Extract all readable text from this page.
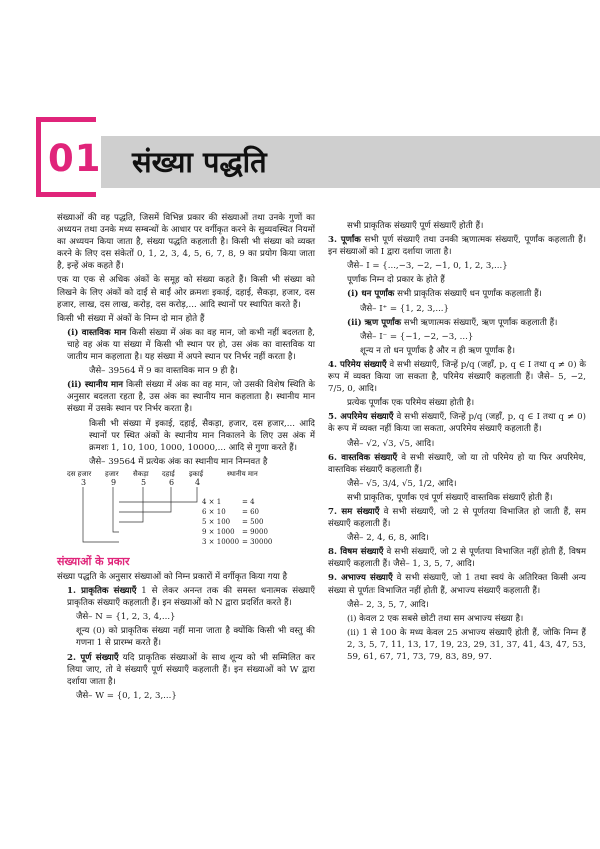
01 संख्या पद्धति

संख्याओं की वह पद्धति, जिसमें विभिन्न प्रकार की संख्याओं तथा उनके गुणों का अध्ययन तथा उनके मध्य सम्बन्धों के आधार पर वर्गीकृत करने के सुव्यवस्थित नियमों का अध्ययन किया जाता है, संख्या पद्धति कहलाती है। किसी भी संख्या को व्यक्त करने के लिए दस संकेतों 0, 1, 2, 3, 4, 5, 6, 7, 8, 9 का प्रयोग किया जाता है, इन्हें अंक कहते हैं।

एक या एक से अधिक अंकों के समूह को संख्या कहते हैं। किसी भी संख्या को लिखने के लिए अंकों को दाईं से बाईं ओर क्रमशः इकाई, दहाई, सैकड़ा, हजार, दस हजार, लाख, दस लाख, करोड़, दस करोड़,... आदि स्थानों पर स्थापित करते हैं।

किसी भी संख्या में अंकों के निम्न दो मान होते हैं

(i) वास्तविक मान किसी संख्या में अंक का वह मान, जो कभी नहीं बदलता है, चाहे वह अंक या संख्या में किसी भी स्थान पर हो, उस अंक का वास्तविक या जातीय मान कहलाता है। यह संख्या में अपने स्थान पर निर्भर नहीं करता है।

जैसे– 39564 में 9 का वास्तविक मान 9 ही है।

(ii) स्थानीय मान किसी संख्या में अंक का वह मान, जो उसकी विशेष स्थिति के अनुसार बदलता रहता है, उस अंक का स्थानीय मान कहलाता है। स्थानीय मान संख्या में उसके स्थान पर निर्भर करता है।

किसी भी संख्या में इकाई, दहाई, सैकड़ा, हजार, दस हजार,... आदि स्थानों पर स्थित अंकों के स्थानीय मान निकालने के लिए उस अंक में क्रमशः 1, 10, 100, 1000, 10000,... आदि से गुणा करते हैं।

जैसे– 39564 में प्रत्येक अंक का स्थानीय मान निम्नवत है

दस हजार हजार सैकड़ा दहाई इकाई	स्थानीय मान
3	9	5	6	4
4 × 1	= 4
6 × 10 = 60
5 × 100 = 500
9 × 1000 = 9000
3 × 10000 = 30000
संख्याओं के प्रकार

संख्या पद्धति के अनुसार संख्याओं को निम्न प्रकारों में वर्गीकृत किया गया है

1. प्राकृतिक संख्याएँ 1 से लेकर अनन्त तक की समस्त धनात्मक संख्याएँ प्राकृतिक संख्याएँ कहलाती हैं। इन संख्याओं को N द्वारा प्रदर्शित करते हैं।

जैसे– N = {1, 2, 3, 4,...}

शून्य (0) को प्राकृतिक संख्या नहीं माना जाता है क्योंकि किसी भी वस्तु की गणना 1 से प्रारम्भ करते हैं।

2. पूर्ण संख्याएँ यदि प्राकृतिक संख्याओं के साथ शून्य को भी सम्मिलित कर लिया जाए, तो वे संख्याएँ पूर्ण संख्याएँ कहलाती हैं। इन संख्याओं को W द्वारा दर्शाया जाता है।

जैसे– W = {0, 1, 2, 3,...}

सभी प्राकृतिक संख्याएँ पूर्ण संख्याएँ होती हैं।

3. पूर्णांक सभी पूर्ण संख्याएँ तथा उनकी ऋणात्मक संख्याएँ, पूर्णांक कहलाती हैं। इन संख्याओं को I द्वारा दर्शाया जाता है।

जैसे– I = {...,−3, −2, −1, 0, 1, 2, 3,...}

पूर्णांक निम्न दो प्रकार के होते हैं

(i) धन पूर्णांक सभी प्राकृतिक संख्याएँ धन पूर्णांक कहलाती हैं।

जैसे– I⁺ = {1, 2, 3,...}

(ii) ऋण पूर्णांक सभी ऋणात्मक संख्याएँ, ऋण पूर्णांक कहलाती हैं।

जैसे– I⁻ = {−1, −2, −3, ...}

शून्य न तो धन पूर्णांक है और न ही ऋण पूर्णांक है।

4. परिमेय संख्याएँ वे सभी संख्याएँ, जिन्हें p/q (जहाँ, p, q ∈ I तथा q ≠ 0) के रूप में व्यक्त किया जा सकता है, परिमेय संख्याएँ कहलाती हैं। जैसे– 5, −2, 7/5, 0, आदि।

प्रत्येक पूर्णांक एक परिमेय संख्या होती है।

5. अपरिमेय संख्याएँ वे सभी संख्याएँ, जिन्हें p/q (जहाँ, p, q ∈ I तथा q ≠ 0) के रूप में व्यक्त नहीं किया जा सकता, अपरिमेय संख्याएँ कहलाती हैं।

जैसे– √2, √3, √5, आदि।

6. वास्तविक संख्याएँ वे सभी संख्याएँ, जो या तो परिमेय हो या फिर अपरिमेय, वास्तविक संख्याएँ कहलाती हैं।

जैसे– √5, 3/4, √5, 1/2, आदि।

सभी प्राकृतिक, पूर्णांक एवं पूर्ण संख्याएँ वास्तविक संख्याएँ होती हैं।

7. सम संख्याएँ वे सभी संख्याएँ, जो 2 से पूर्णतया विभाजित हो जाती हैं, सम संख्याएँ कहलाती हैं।

जैसे– 2, 4, 6, 8, आदि।

8. विषम संख्याएँ वे सभी संख्याएँ, जो 2 से पूर्णतया विभाजित नहीं होती हैं, विषम संख्याएँ कहलाती हैं। जैसे– 1, 3, 5, 7, आदि।

9. अभाज्य संख्याएँ वे सभी संख्याएँ, जो 1 तथा स्वयं के अतिरिक्त किसी अन्य संख्या से पूर्णतः विभाजित नहीं होती हैं, अभाज्य संख्याएँ कहलाती हैं।

जैसे– 2, 3, 5, 7, आदि।

(i) केवल 2 एक सबसे छोटी तथा सम अभाज्य संख्या है।

(ii) 1 से 100 के मध्य केवल 25 अभाज्य संख्याएँ होती हैं, जोकि निम्न हैं 2, 3, 5, 7, 11, 13, 17, 19, 23, 29, 31, 37, 41, 43, 47, 53, 59, 61, 67, 71, 73, 79, 83, 89, 97.
